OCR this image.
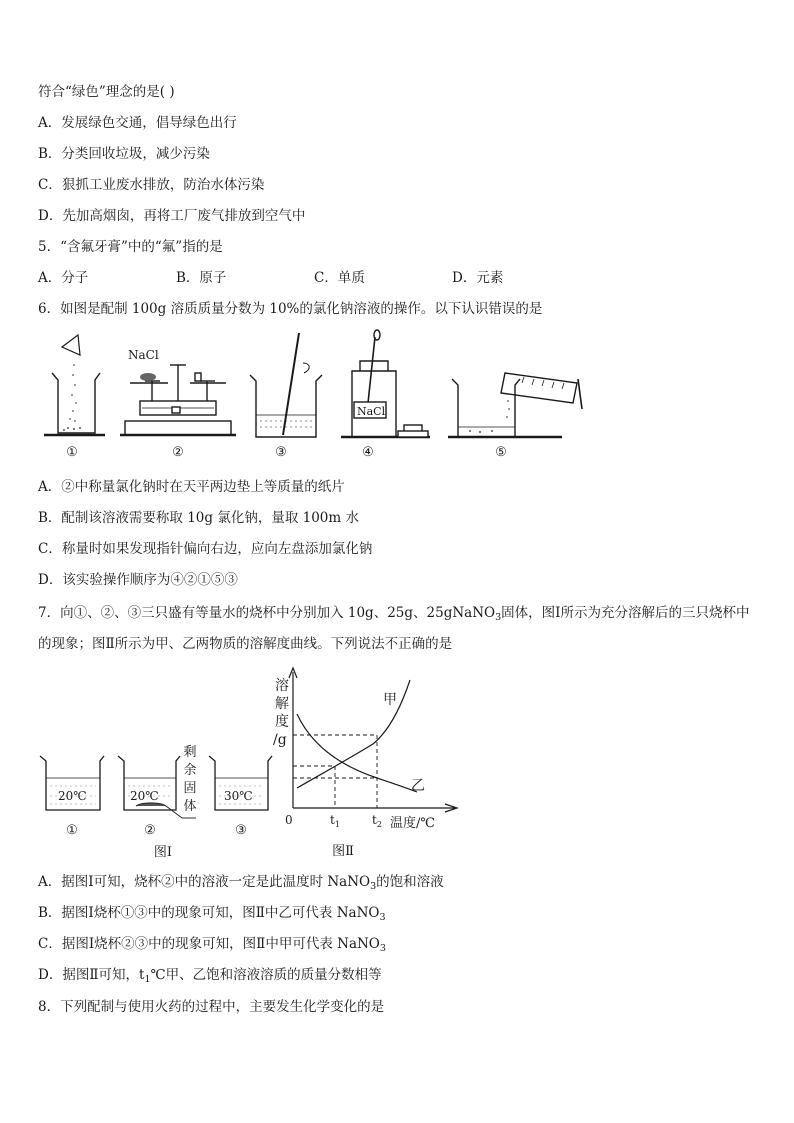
符合“绿色”理念的是( )
A．发展绿色交通，倡导绿色出行
B．分类回收垃圾，减少污染
C．狠抓工业废水排放，防治水体污染
D．先加高烟囱，再将工厂废气排放到空气中
5．“含氟牙膏”中的“氟”指的是
A．分子	B．原子	C．单质	D．元素
6．如图是配制 100g 溶质质量分数为 10%的氯化钠溶液的操作。以下认识错误的是
NaCl
NaCl
①	②	③	④	⑤
A．②中称量氯化钠时在天平两边垫上等质量的纸片
B．配制该溶液需要称取 10g 氯化钠，量取 100m 水
C．称量时如果发现指针偏向右边，应向左盘添加氯化钠
D．该实验操作顺序为④②①⑤③
7．向①、②、③三只盛有等量水的烧杯中分别加入 10g、25g、25gNaNO$_3$固体，图Ⅰ所示为充分溶解后的三只烧杯中
的现象；图Ⅱ所示为甲、乙两物质的溶解度曲线。下列说法不正确的是
20℃	20℃	30℃
剩
余
固
体
①	②	③
图Ⅰ
溶
解
度
/g
甲
乙
0	$t_1$	$t_2$ 温度/℃
图Ⅱ
A．据图Ⅰ可知，烧杯②中的溶液一定是此温度时 NaNO$_3$的饱和溶液
B．据图Ⅰ烧杯①③中的现象可知，图Ⅱ中乙可代表 NaNO$_3$
C．据图Ⅰ烧杯②③中的现象可知，图Ⅱ中甲可代表 NaNO$_3$
D．据图Ⅱ可知，$t_1℃$甲、乙饱和溶液溶质的质量分数相等
8．下列配制与使用火药的过程中，主要发生化学变化的是
